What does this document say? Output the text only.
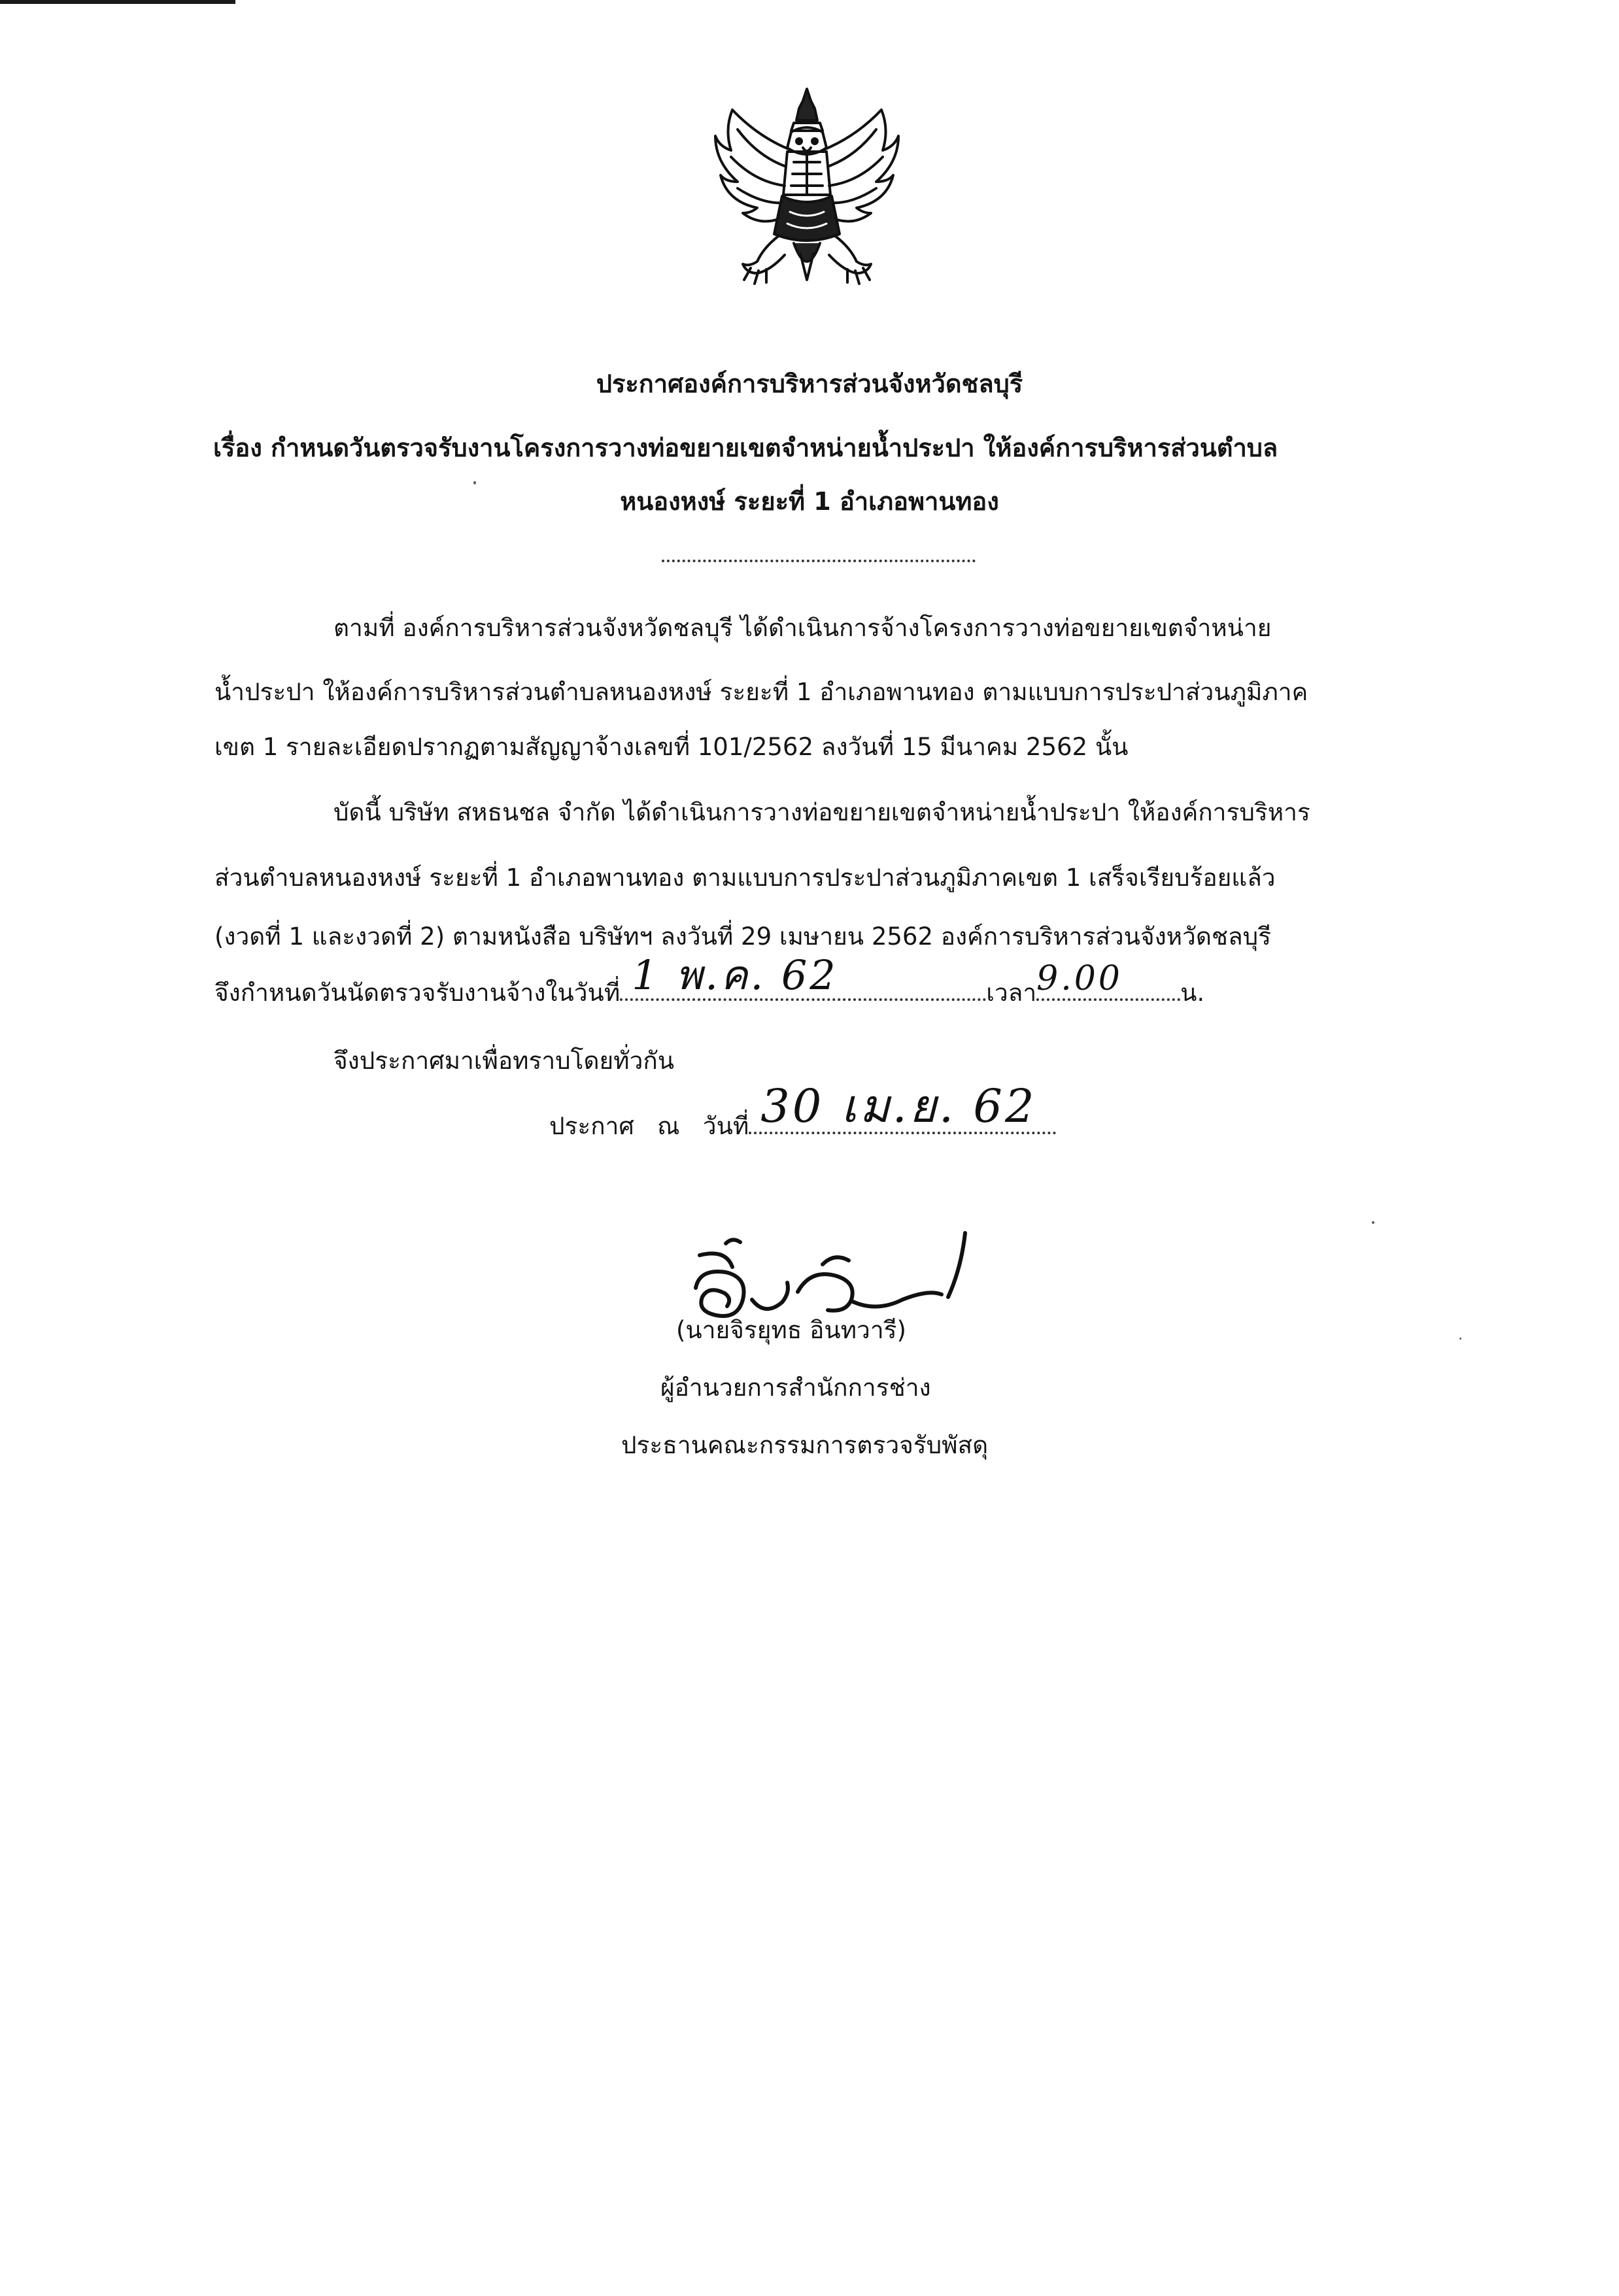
ประกาศองค์การบริหารส่วนจังหวัดชลบุรี
เรื่อง กำหนดวันตรวจรับงานโครงการวางท่อขยายเขตจำหน่ายน้ำประปา ให้องค์การบริหารส่วนตำบล
หนองหงษ์ ระยะที่ 1 อำเภอพานทอง
ตามที่ องค์การบริหารส่วนจังหวัดชลบุรี ได้ดำเนินการจ้างโครงการวางท่อขยายเขตจำหน่าย
น้ำประปา ให้องค์การบริหารส่วนตำบลหนองหงษ์ ระยะที่ 1 อำเภอพานทอง ตามแบบการประปาส่วนภูมิภาค
เขต 1 รายละเอียดปรากฏตามสัญญาจ้างเลขที่ 101/2562 ลงวันที่ 15 มีนาคม 2562 นั้น
บัดนี้ บริษัท สหธนชล จำกัด ได้ดำเนินการวางท่อขยายเขตจำหน่ายน้ำประปา ให้องค์การบริหาร
ส่วนตำบลหนองหงษ์ ระยะที่ 1 อำเภอพานทอง ตามแบบการประปาส่วนภูมิภาคเขต 1 เสร็จเรียบร้อยแล้ว
(งวดที่ 1 และงวดที่ 2) ตามหนังสือ บริษัทฯ ลงวันที่ 29 เมษายน 2562 องค์การบริหารส่วนจังหวัดชลบุรี
จึงกำหนดวันนัดตรวจรับงานจ้างในวันที่ 1 พ.ค. 62	เวลา 9.00 น.
จึงประกาศมาเพื่อทราบโดยทั่วกัน
ประกาศ   ณ   วันที่ 30 เม.ย. 62
(นายจิรยุทธ อินทวารี)
ผู้อำนวยการสำนักการช่าง
ประธานคณะกรรมการตรวจรับพัสดุ
